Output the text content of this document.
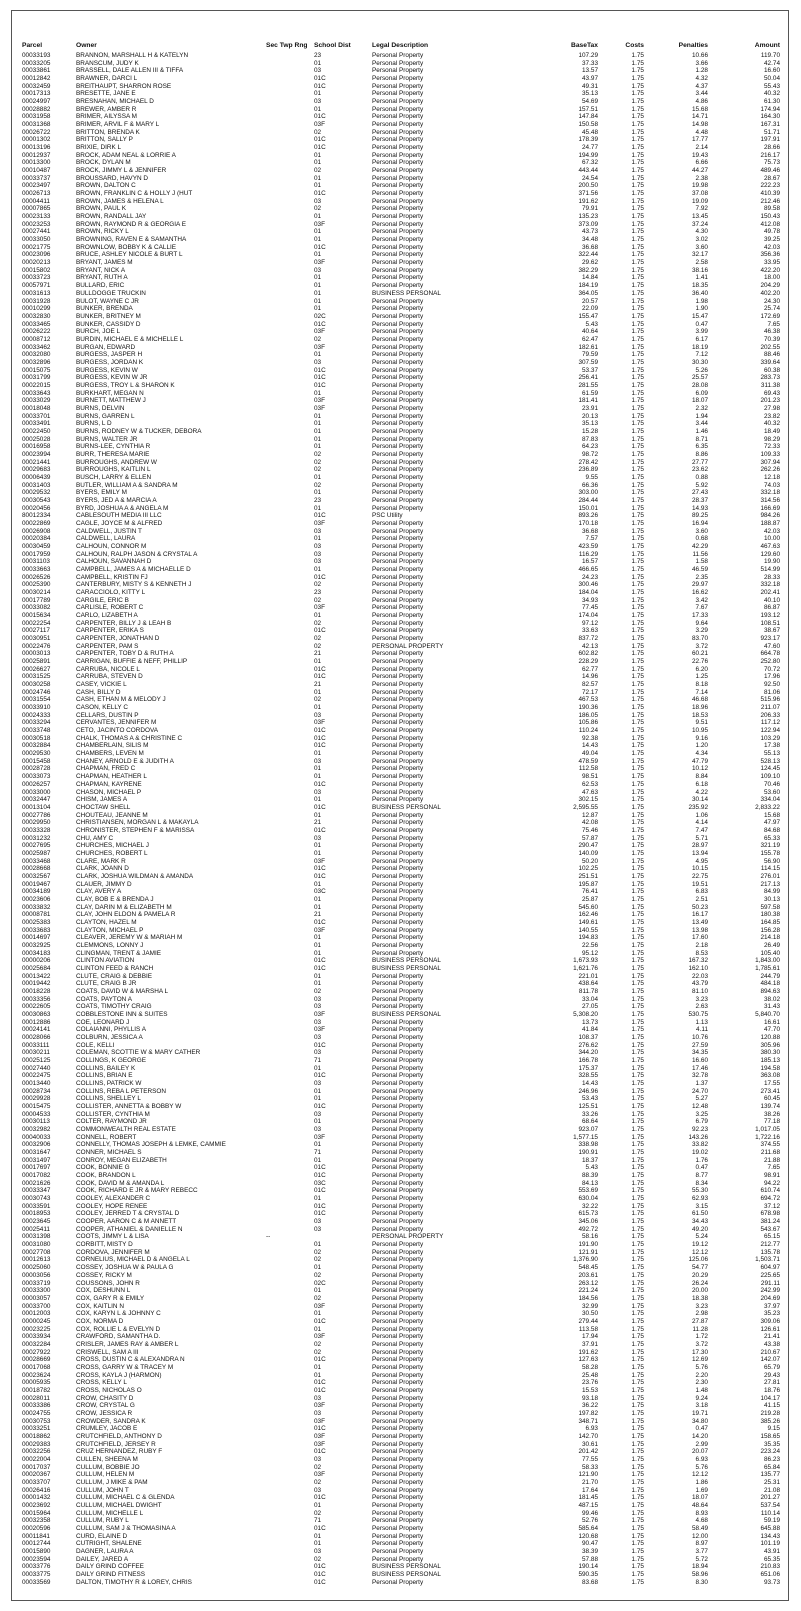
Parcel	Owner	Sec Twp Rng School Dist	Legal Description	BaseTax	Costs	Penalties	Amount
00033193	BRANNON, MARSHALL H & KATELYN	23	Personal Property	107.29	1.75	10.66	119.70
00033205	BRANSCUM, JUDY K	01	Personal Property	37.33	1.75	3.66	42.74
00033861	BRASSELL, DALE ALLEN III & TIFFA	03	Personal Property	13.57	1.75	1.28	16.60
00012842	BRAWNER, DARCI L	01C	Personal Property	43.97	1.75	4.32	50.04
00032459	BREITHAUPT, SHARRON ROSE	01C	Personal Property	49.31	1.75	4.37	55.43
00017313	BRESETTE, JANE E	01	Personal Property	35.13	1.75	3.44	40.32
00024997	BRESNAHAN, MICHAEL D	03	Personal Property	54.69	1.75	4.86	61.30
00028882	BREWER, AMBER R	01	Personal Property	157.51	1.75	15.68	174.94
00031958	BRIMER, AILYSSA M	01C	Personal Property	147.84	1.75	14.71	164.30
00031368	BRIMER, ARVIL F & MARY L	03F	Personal Property	150.58	1.75	14.98	167.31
00026722	BRITTON, BRENDA K	02	Personal Property	45.48	1.75	4.48	51.71
00001302	BRITTON, SALLY P	01C	Personal Property	178.39	1.75	17.77	197.91
00013196	BRIXIE, DIRK L	01C	Personal Property	24.77	1.75	2.14	28.66
00012937	BROCK, ADAM NEAL & LORRIE A	01	Personal Property	194.99	1.75	19.43	216.17
00013300	BROCK, DYLAN M	01	Personal Property	67.32	1.75	6.66	75.73
00010487	BROCK, JIMMY L & JENNIFER	02	Personal Property	443.44	1.75	44.27	489.46
00033737	BROUSSARD, HAVYN D	01	Personal Property	24.54	1.75	2.38	28.67
00023497	BROWN, DALTON C	01	Personal Property	200.50	1.75	19.98	222.23
00026713	BROWN, FRANKLIN C & HOLLY J (HUT	01C	Personal Property	371.56	1.75	37.08	410.39
00004411	BROWN, JAMES & HELENA L	03	Personal Property	191.62	1.75	19.09	212.46
00007865	BROWN, PAUL K	02	Personal Property	79.91	1.75	7.92	89.58
00023133	BROWN, RANDALL JAY	01	Personal Property	135.23	1.75	13.45	150.43
00023253	BROWN, RAYMOND R & GEORGIA E	03F	Personal Property	373.09	1.75	37.24	412.08
00027441	BROWN, RICKY L	01	Personal Property	43.73	1.75	4.30	49.78
00033050	BROWNING, RAVEN E & SAMANTHA	01	Personal Property	34.48	1.75	3.02	39.25
00021775	BROWNLOW, BOBBY K & CALLIE	01C	Personal Property	36.68	1.75	3.60	42.03
00023096	BRUCE, ASHLEY NICOLE & BURT L	01	Personal Property	322.44	1.75	32.17	356.36
00020213	BRYANT, JAMES M	03F	Personal Property	29.62	1.75	2.58	33.95
00015802	BRYANT, NICK A	03	Personal Property	382.29	1.75	38.16	422.20
00033723	BRYANT, RUTH A	01	Personal Property	14.84	1.75	1.41	18.00
00057971	BULLARD, ERIC	01	Personal Property	184.19	1.75	18.35	204.29
00031613	BULLDOGGE TRUCKIN	01	BUSINESS PERSONAL	364.05	1.75	36.40	402.20
00031928	BULOT, WAYNE C JR	01	Personal Property	20.57	1.75	1.98	24.30
00010299	BUNKER, BRENDA	01	Personal Property	22.09	1.75	1.90	25.74
00032830	BUNKER, BRITNEY M	02C	Personal Property	155.47	1.75	15.47	172.69
00033465	BUNKER, CASSIDY D	01C	Personal Property	5.43	1.75	0.47	7.65
00026222	BURCH, JOE L	03F	Personal Property	40.64	1.75	3.99	46.38
00008712	BURDIN, MICHAEL E & MICHELLE L	02	Personal Property	62.47	1.75	6.17	70.39
00033462	BURGAN, EDWARD	03F	Personal Property	182.61	1.75	18.19	202.55
00032080	BURGESS, JASPER H	01	Personal Property	79.59	1.75	7.12	88.46
00032896	BURGESS, JORDAN K	03	Personal Property	307.59	1.75	30.30	339.64
00015075	BURGESS, KEVIN W	01C	Personal Property	53.37	1.75	5.26	60.38
00031799	BURGESS, KEVIN W JR	01C	Personal Property	256.41	1.75	25.57	283.73
00022015	BURGESS, TROY L & SHARON K	01C	Personal Property	281.55	1.75	28.08	311.38
00033643	BURKHART, MEGAN N	01	Personal Property	61.59	1.75	6.09	69.43
00033029	BURNETT, MATTHEW J	03F	Personal Property	181.41	1.75	18.07	201.23
00018048	BURNS, DELVIN	03F	Personal Property	23.91	1.75	2.32	27.98
00033701	BURNS, GARREN L	01	Personal Property	20.13	1.75	1.94	23.82
00033491	BURNS, L D	01	Personal Property	35.13	1.75	3.44	40.32
00022450	BURNS, RODNEY W & TUCKER, DEBORA	01	Personal Property	15.28	1.75	1.46	18.49
00025028	BURNS, WALTER JR	01	Personal Property	87.83	1.75	8.71	98.29
00016958	BURNS-LEE, CYNTHIA R	01	Personal Property	64.23	1.75	6.35	72.33
00023994	BURR, THERESA MARIE	02	Personal Property	98.72	1.75	8.86	109.33
00021441	BURROUGHS, ANDREW W	02	Personal Property	278.42	1.75	27.77	307.94
00029683	BURROUGHS, KAITLIN L	02	Personal Property	236.89	1.75	23.62	262.26
00006439	BUSCH, LARRY & ELLEN	01	Personal Property	9.55	1.75	0.88	12.18
00031403	BUTLER, WILLIAM A & SANDRA M	02	Personal Property	66.36	1.75	5.92	74.03
00029532	BYERS, EMILY M	01	Personal Property	303.00	1.75	27.43	332.18
00030543	BYERS, JED A & MARCIA A	23	Personal Property	284.44	1.75	28.37	314.56
00020456	BYRD, JOSHUA A & ANGELA M	01	Personal Property	150.01	1.75	14.93	166.69
80012334	CABLESOUTH MEDIA III LLC	01C	PSC Utility	893.26	1.75	89.25	984.26
00022869	CAGLE, JOYCE M & ALFRED	03F	Personal Property	170.18	1.75	16.94	188.87
00026908	CALDWELL, JUSTIN T	03	Personal Property	36.68	1.75	3.60	42.03
00020384	CALDWELL, LAURA	01	Personal Property	7.57	1.75	0.68	10.00
00030459	CALHOUN, CONNOR M	03	Personal Property	423.59	1.75	42.29	467.63
00017959	CALHOUN, RALPH JASON & CRYSTAL A	03	Personal Property	116.29	1.75	11.56	129.60
00031103	CALHOUN, SAVANNAH D	03	Personal Property	16.57	1.75	1.58	19.90
00033663	CAMPBELL, JAMES A & MICHAELLE D	01	Personal Property	466.65	1.75	46.59	514.99
00026526	CAMPBELL, KRISTIN FJ	01C	Personal Property	24.23	1.75	2.35	28.33
00025390	CANTERBURY, MISTY S & KENNETH J	02	Personal Property	300.46	1.75	29.97	332.18
00030214	CARACCIOLO, KITTY L	23	Personal Property	184.04	1.75	16.62	202.41
00017789	CARGILE, ERIC B	02	Personal Property	34.93	1.75	3.42	40.10
00033082	CARLISLE, ROBERT C	03F	Personal Property	77.45	1.75	7.67	86.87
00015634	CARLO, LIZABETH A	01	Personal Property	174.04	1.75	17.33	193.12
00022254	CARPENTER, BILLY J & LEAH B	02	Personal Property	97.12	1.75	9.64	108.51
00027117	CARPENTER, ERIKA S	01C	Personal Property	33.63	1.75	3.29	38.67
00030951	CARPENTER, JONATHAN D	02	Personal Property	837.72	1.75	83.70	923.17
00022476	CARPENTER, PAM S	02	PERSONAL PROPERTY	42.13	1.75	3.72	47.60
00003013	CARPENTER, TOBY D & RUTH A	21	Personal Property	602.82	1.75	60.21	664.78
00025891	CARRIGAN, BUFFIE & NEFF, PHILLIP	01	Personal Property	228.29	1.75	22.76	252.80
00026627	CARRUBA, NICOLE L	01C	Personal Property	62.77	1.75	6.20	70.72
00031525	CARRUBA, STEVEN D	01C	Personal Property	14.96	1.75	1.25	17.96
00030258	CASEY, VICKIE L	21	Personal Property	82.57	1.75	8.18	92.50
00024746	CASH, BILLY D	01	Personal Property	72.17	1.75	7.14	81.06
00031554	CASH, ETHAN M & MELODY J	02	Personal Property	467.53	1.75	46.68	515.96
00033910	CASON, KELLY C	01	Personal Property	190.36	1.75	18.96	211.07
00024333	CELLARS, DUSTIN P	03	Personal Property	186.05	1.75	18.53	206.33
00033294	CERVANTES, JENNIFER M	03F	Personal Property	105.86	1.75	9.51	117.12
00033748	CETO, JACINTO CORDOVA	01C	Personal Property	110.24	1.75	10.95	122.94
00030518	CHALK, THOMAS A & CHRISTINE C	01C	Personal Property	92.38	1.75	9.16	103.29
00032884	CHAMBERLAIN, SILIS M	01C	Personal Property	14.43	1.75	1.20	17.38
00029530	CHAMBERS, LEVEN M	01	Personal Property	49.04	1.75	4.34	55.13
00015458	CHANEY, ARNOLD E & JUDITH A	03	Personal Property	478.59	1.75	47.79	528.13
00028728	CHAPMAN, FRED C	01	Personal Property	112.58	1.75	10.12	124.45
00033073	CHAPMAN, HEATHER L	01	Personal Property	98.51	1.75	8.84	109.10
00026257	CHAPMAN, KAYRENE	01C	Personal Property	62.53	1.75	6.18	70.46
00033000	CHASON, MICHAEL P	03	Personal Property	47.63	1.75	4.22	53.60
00032447	CHISM, JAMES A	01	Personal Property	302.15	1.75	30.14	334.04
00013104	CHOCTAW SHELL	01C	BUSINESS PERSONAL	2,595.55	1.75	235.92	2,833.22
00027786	CHOUTEAU, JEANNE M	01	Personal Property	12.87	1.75	1.06	15.68
00029950	CHRISTIANSEN, MORGAN L & MAKAYLA	21	Personal Property	42.08	1.75	4.14	47.97
00033328	CHRONISTER, STEPHEN F & MARISSA	01C	Personal Property	75.46	1.75	7.47	84.68
00031232	CHU, AMY C	03	Personal Property	57.87	1.75	5.71	65.33
00027695	CHURCHES, MICHAEL J	01	Personal Property	290.47	1.75	28.97	321.19
00025987	CHURCHES, ROBERT L	01	Personal Property	140.09	1.75	13.94	155.78
00033468	CLARE, MARK R	03F	Personal Property	50.20	1.75	4.95	56.90
00028668	CLARK, JOANN D	01C	Personal Property	102.25	1.75	10.15	114.15
00032567	CLARK, JOSHUA WILDMAN & AMANDA	01C	Personal Property	251.51	1.75	22.75	276.01
00019467	CLAUER, JIMMY D	01	Personal Property	195.87	1.75	19.51	217.13
00034189	CLAY, AVERY A	03C	Personal Property	76.41	1.75	6.83	84.99
00023606	CLAY, BOB E & BRENDA J	01	Personal Property	25.87	1.75	2.51	30.13
00033832	CLAY, DARIN M & ELIZABETH M	01	Personal Property	545.60	1.75	50.23	597.58
00008781	CLAY, JOHN ELDON & PAMELA R	21	Personal Property	162.46	1.75	16.17	180.38
00025383	CLAYTON, HAZEL M	01C	Personal Property	149.61	1.75	13.49	164.85
00033683	CLAYTON, MICHAEL P	03F	Personal Property	140.55	1.75	13.98	156.28
00014697	CLEAVER, JEREMY W & MARIAH M	01	Personal Property	194.83	1.75	17.60	214.18
00032925	CLEMMONS, LONNY J	01	Personal Property	22.56	1.75	2.18	26.49
00034183	CLINGMAN, TRENT & JAMIE	01	Personal Property	95.12	1.75	8.53	105.40
00000206	CLINTON AVIATION	01C	BUSINESS PERSONAL	1,673.93	1.75	167.32	1,843.00
00025684	CLINTON FEED & RANCH	01C	BUSINESS PERSONAL	1,621.76	1.75	162.10	1,785.61
00013422	CLUTE, CRAIG & DEBBIE	01	Personal Property	221.01	1.75	22.03	244.79
00019442	CLUTE, CRAIG B JR	01	Personal Property	438.64	1.75	43.79	484.18
00018228	COATS, DAVID W & MARSHA L	02	Personal Property	811.78	1.75	81.10	894.63
00033356	COATS, PAYTON A	03	Personal Property	33.04	1.75	3.23	38.02
00022605	COATS, TIMOTHY CRAIG	03	Personal Property	27.05	1.75	2.63	31.43
00030863	COBBLESTONE INN & SUITES	03F	BUSINESS PERSONAL	5,308.20	1.75	530.75	5,840.70
00012886	COE, LEONARD J	03	Personal Property	13.73	1.75	1.13	16.61
00024141	COLAIANNI, PHYLLIS A	03F	Personal Property	41.84	1.75	4.11	47.70
00028066	COLBURN, JESSICA A	03	Personal Property	108.37	1.75	10.76	120.88
00033111	COLE, KELLI	01C	Personal Property	276.62	1.75	27.59	305.96
00030211	COLEMAN, SCOTTIE W & MARY CATHER	03	Personal Property	344.20	1.75	34.35	380.30
00025125	COLLINGS, K GEORGE	71	Personal Property	166.78	1.75	16.60	185.13
00027440	COLLINS, BAILEY K	01	Personal Property	175.37	1.75	17.46	194.58
00022475	COLLINS, BRIAN E	01C	Personal Property	328.55	1.75	32.78	363.08
00013440	COLLINS, PATRICK W	03	Personal Property	14.43	1.75	1.37	17.55
00028734	COLLINS, REBA L PETERSON	01	Personal Property	246.96	1.75	24.70	273.41
00029928	COLLINS, SHELLEY L	01	Personal Property	53.43	1.75	5.27	60.45
00015475	COLLISTER, ANNETTA & BOBBY W	01C	Personal Property	125.51	1.75	12.48	139.74
00004533	COLLISTER, CYNTHIA M	03	Personal Property	33.26	1.75	3.25	38.26
00030113	COLTER, RAYMOND JR	01	Personal Property	68.64	1.75	6.79	77.18
00032982	COMMONWEALTH REAL ESTATE	03	Personal Property	923.07	1.75	92.23	1,017.05
00040033	CONNELL, ROBERT	03F	Personal Property	1,577.15	1.75	143.26	1,722.16
00032906	CONNELLY, THOMAS JOSEPH & LEMKE, CAMMIE	01	Personal Property	338.98	1.75	33.82	374.55
00031647	CONNER, MICHAEL S	71	Personal Property	190.91	1.75	19.02	211.68
00031497	CONROY, MEGAN ELIZABETH	01	Personal Property	18.37	1.75	1.76	21.88
00017697	COOK, BONNIE G	01C	Personal Property	5.43	1.75	0.47	7.65
00017082	COOK, BRANDON L	01C	Personal Property	88.39	1.75	8.77	98.91
00021626	COOK, DAVID M & AMANDA L	03C	Personal Property	84.13	1.75	8.34	94.22
00033347	COOK, RICHARD E JR & MARY REBECC	01C	Personal Property	553.69	1.75	55.30	610.74
00030743	COOLEY, ALEXANDER C	01	Personal Property	630.04	1.75	62.93	694.72
00033591	COOLEY, HOPE RENEE	01C	Personal Property	32.22	1.75	3.15	37.12
00018953	COOLEY, JERRED T & CRYSTAL D	01C	Personal Property	615.73	1.75	61.50	678.98
00023645	COOPER, AARON C & M ANNETT	03	Personal Property	345.06	1.75	34.43	381.24
00025411	COOPER, ATHANIEL & DANIELLE N	03	Personal Property	492.72	1.75	49.20	543.67
00031398	COOTS, JIMMY L & LISA	--	PERSONAL PROPERTY	58.16	1.75	5.24	65.15
00031080	CORBITT, MISTY D	01	Personal Property	191.90	1.75	19.12	212.77
00027708	CORDOVA, JENNIFER M	02	Personal Property	121.91	1.75	12.12	135.78
00012613	CORNELIUS, MICHAEL D & ANGELA L	02	Personal Property	1,376.90	1.75	125.06	1,503.71
00025060	COSSEY, JOSHUA W & PAULA G	01	Personal Property	548.45	1.75	54.77	604.97
00003056	COSSEY, RICKY M	02	Personal Property	203.61	1.75	20.29	225.65
00033719	COUSSONS, JOHN R	02C	Personal Property	263.12	1.75	26.24	291.11
00033300	COX, DESHUNN L	01	Personal Property	221.24	1.75	20.00	242.99
00003057	COX, GARY R & EMILY	02	Personal Property	184.56	1.75	18.38	204.69
00033700	COX, KAITLIN N	03F	Personal Property	32.99	1.75	3.23	37.97
00012003	COX, KARYN L & JOHNNY C	01	Personal Property	30.50	1.75	2.98	35.23
00000245	COX, NORMA D	01C	Personal Property	279.44	1.75	27.87	309.06
00023225	COX, ROLLIE L & EVELYN D	01	Personal Property	113.58	1.75	11.28	126.61
00033934	CRAWFORD, SAMANTHA D.	03F	Personal Property	17.94	1.75	1.72	21.41
00032284	CRISLER, JAMES RAY & AMBER L	02	Personal Property	37.91	1.75	3.72	43.38
00027922	CRISWELL, SAM A III	02	Personal Property	191.62	1.75	17.30	210.67
00028669	CROSS, DUSTIN C & ALEXANDRA N	01C	Personal Property	127.63	1.75	12.69	142.07
00017068	CROSS, GARRY W & TRACEY M	01	Personal Property	58.28	1.75	5.76	65.79
00023624	CROSS, KAYLA J (HARMON)	01	Personal Property	25.48	1.75	2.20	29.43
00005935	CROSS, KELLY L	01C	Personal Property	23.76	1.75	2.30	27.81
00018782	CROSS, NICHOLAS O	01C	Personal Property	15.53	1.75	1.48	18.76
00028011	CROW, CHASITY D	03	Personal Property	93.18	1.75	9.24	104.17
00033386	CROW, CRYSTAL G	03F	Personal Property	36.22	1.75	3.18	41.15
00024755	CROW, JESSICA R	03	Personal Property	197.82	1.75	19.71	219.28
00030753	CROWDER, SANDRA K	03F	Personal Property	348.71	1.75	34.80	385.26
00033251	CRUMLEY, JACOB E	01C	Personal Property	6.93	1.75	0.47	9.15
00018862	CRUTCHFIELD, ANTHONY D	03F	Personal Property	142.70	1.75	14.20	158.65
00029383	CRUTCHFIELD, JERSEY R	03F	Personal Property	30.61	1.75	2.99	35.35
00032256	CRUZ HERNANDEZ, RUBY F	01C	Personal Property	201.42	1.75	20.07	223.24
00022004	CULLEN, SHEENA M	03	Personal Property	77.55	1.75	6.93	86.23
00017037	CULLUM, BOBBIE JO	02	Personal Property	58.33	1.75	5.76	65.84
00020367	CULLUM, HELEN M	03F	Personal Property	121.90	1.75	12.12	135.77
00033707	CULLUM, J MIKE & PAM	02	Personal Property	21.70	1.75	1.86	25.31
00026416	CULLUM, JOHN T	03	Personal Property	17.64	1.75	1.69	21.08
00001432	CULLUM, MICHAEL C & GLENDA	01C	Personal Property	181.45	1.75	18.07	201.27
00023692	CULLUM, MICHAEL DWIGHT	01	Personal Property	487.15	1.75	48.64	537.54
00015964	CULLUM, MICHELLE L	02	Personal Property	99.46	1.75	8.93	110.14
00032358	CULLUM, RUBY L	71	Personal Property	52.76	1.75	4.68	59.19
00020596	CULLUM, SAM J & THOMASINA A	01C	Personal Property	585.64	1.75	58.49	645.88
00011841	CURD, ELAINE D	01	Personal Property	120.68	1.75	12.00	134.43
00012744	CUTRIGHT, SHALENE	01	Personal Property	90.47	1.75	8.97	101.19
00015890	DAGNER, LAURA A	03	Personal Property	38.39	1.75	3.77	43.91
00023594	DAILEY, JARED A	02	Personal Property	57.88	1.75	5.72	65.35
00033776	DAILY GRIND COFFEE	01C	BUSINESS PERSONAL	190.14	1.75	18.94	210.83
00033775	DAILY GRIND FITNESS	01C	BUSINESS PERSONAL	590.35	1.75	58.96	651.06
00033569	DALTON, TIMOTHY R & LOREY, CHRIS	01C	Personal Property	83.68	1.75	8.30	93.73
